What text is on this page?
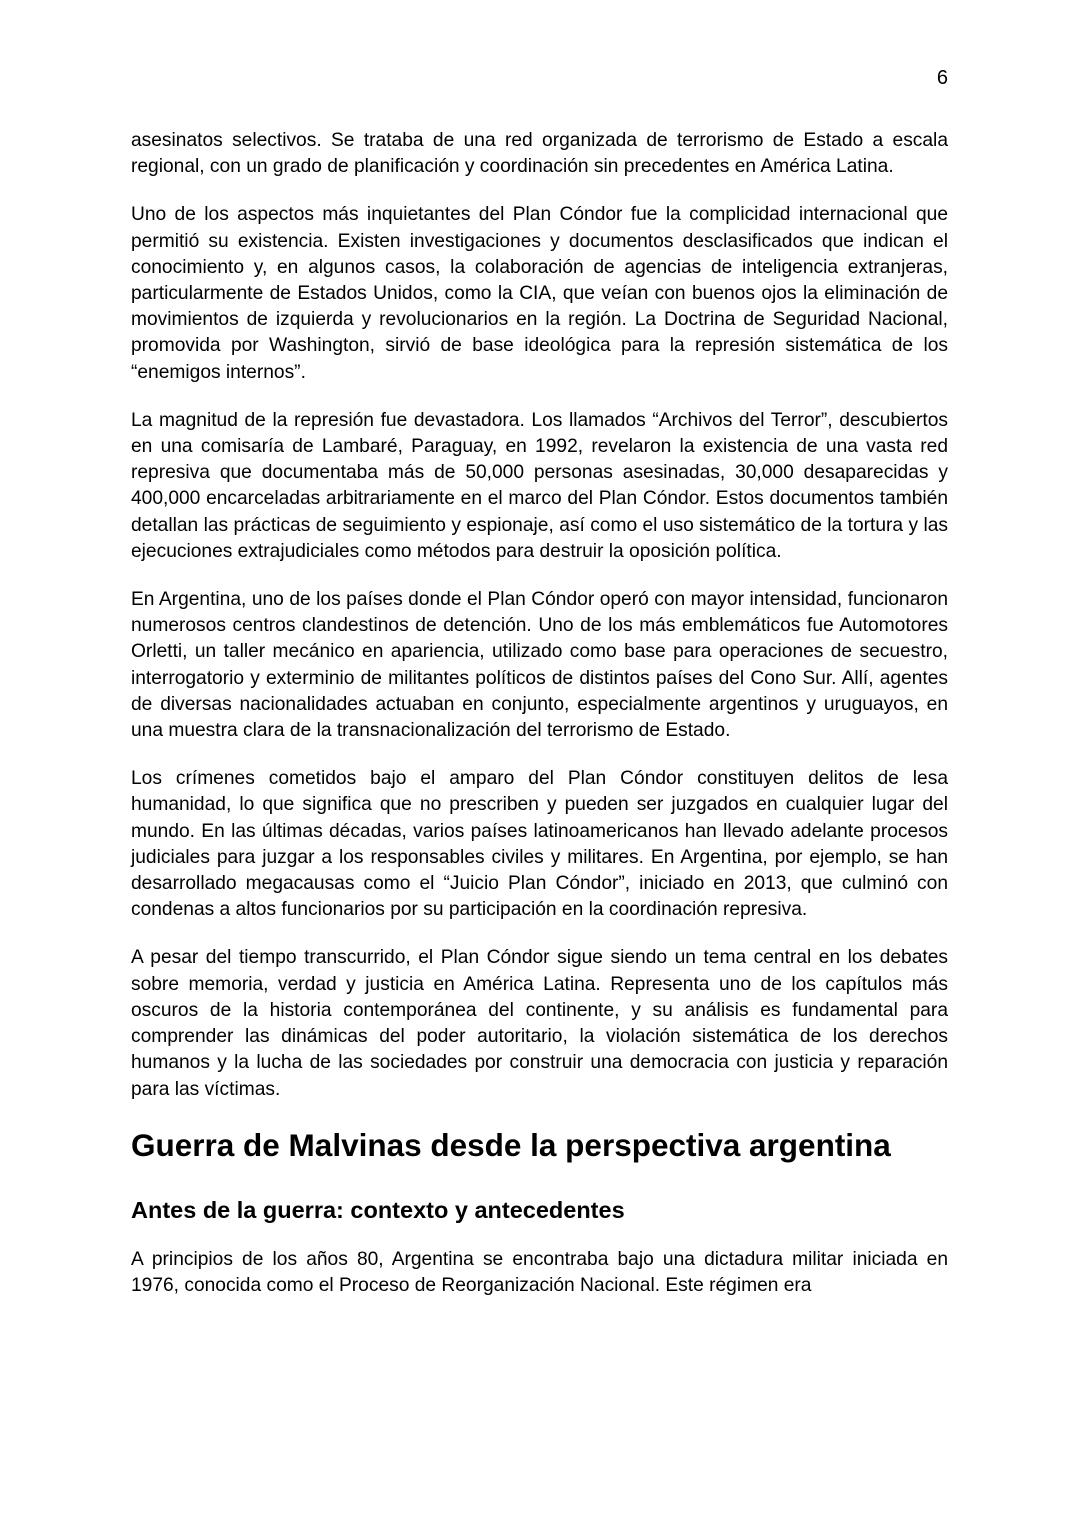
6

asesinatos selectivos. Se trataba de una red organizada de terrorismo de Estado a escala regional, con un grado de planificación y coordinación sin precedentes en América Latina.

Uno de los aspectos más inquietantes del Plan Cóndor fue la complicidad internacional que permitió su existencia. Existen investigaciones y documentos desclasificados que indican el conocimiento y, en algunos casos, la colaboración de agencias de inteligencia extranjeras, particularmente de Estados Unidos, como la CIA, que veían con buenos ojos la eliminación de movimientos de izquierda y revolucionarios en la región. La Doctrina de Seguridad Nacional, promovida por Washington, sirvió de base ideológica para la represión sistemática de los “enemigos internos”.

La magnitud de la represión fue devastadora. Los llamados “Archivos del Terror”, descubiertos en una comisaría de Lambaré, Paraguay, en 1992, revelaron la existencia de una vasta red represiva que documentaba más de 50,000 personas asesinadas, 30,000 desaparecidas y 400,000 encarceladas arbitrariamente en el marco del Plan Cóndor. Estos documentos también detallan las prácticas de seguimiento y espionaje, así como el uso sistemático de la tortura y las ejecuciones extrajudiciales como métodos para destruir la oposición política.

En Argentina, uno de los países donde el Plan Cóndor operó con mayor intensidad, funcionaron numerosos centros clandestinos de detención. Uno de los más emblemáticos fue Automotores Orletti, un taller mecánico en apariencia, utilizado como base para operaciones de secuestro, interrogatorio y exterminio de militantes políticos de distintos países del Cono Sur. Allí, agentes de diversas nacionalidades actuaban en conjunto, especialmente argentinos y uruguayos, en una muestra clara de la transnacionalización del terrorismo de Estado.

Los crímenes cometidos bajo el amparo del Plan Cóndor constituyen delitos de lesa humanidad, lo que significa que no prescriben y pueden ser juzgados en cualquier lugar del mundo. En las últimas décadas, varios países latinoamericanos han llevado adelante procesos judiciales para juzgar a los responsables civiles y militares. En Argentina, por ejemplo, se han desarrollado megacausas como el “Juicio Plan Cóndor”, iniciado en 2013, que culminó con condenas a altos funcionarios por su participación en la coordinación represiva.

A pesar del tiempo transcurrido, el Plan Cóndor sigue siendo un tema central en los debates sobre memoria, verdad y justicia en América Latina. Representa uno de los capítulos más oscuros de la historia contemporánea del continente, y su análisis es fundamental para comprender las dinámicas del poder autoritario, la violación sistemática de los derechos humanos y la lucha de las sociedades por construir una democracia con justicia y reparación para las víctimas.

Guerra de Malvinas desde la perspectiva argentina
Antes de la guerra: contexto y antecedentes

A principios de los años 80, Argentina se encontraba bajo una dictadura militar iniciada en 1976, conocida como el Proceso de Reorganización Nacional. Este régimen era
